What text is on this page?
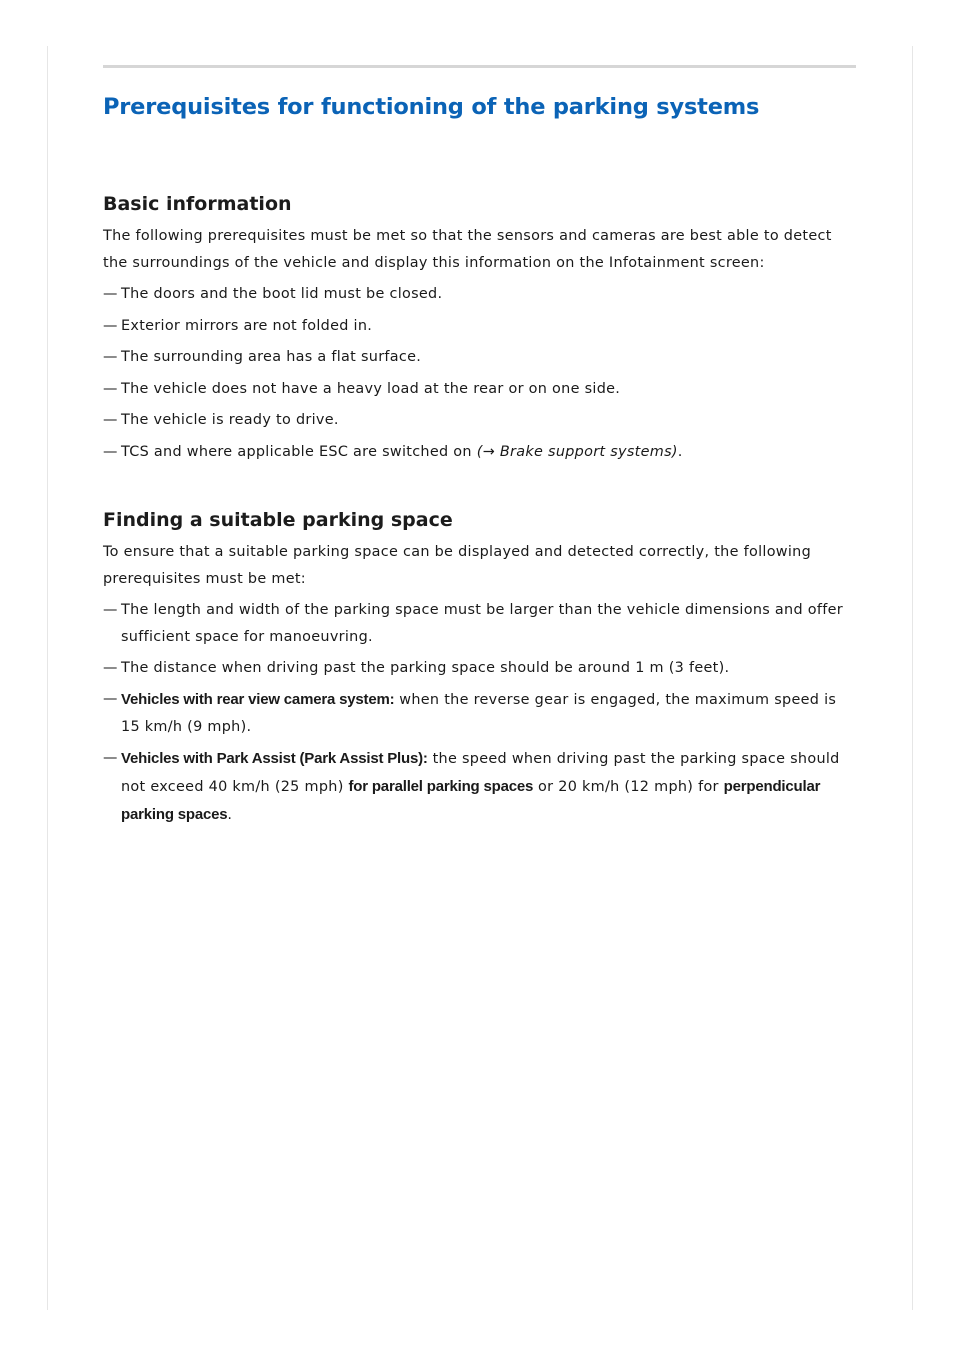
Prerequisites for functioning of the parking systems
Basic information

The following prerequisites must be met so that the sensors and cameras are best able to detect the surroundings of the vehicle and display this information on the Infotainment screen:

— The doors and the boot lid must be closed.
— Exterior mirrors are not folded in.
— The surrounding area has a flat surface.
— The vehicle does not have a heavy load at the rear or on one side.
— The vehicle is ready to drive.
— TCS and where applicable ESC are switched on (→ Brake support systems).
Finding a suitable parking space

To ensure that a suitable parking space can be displayed and detected correctly, the following prerequisites must be met:

— The length and width of the parking space must be larger than the vehicle dimensions and offer sufficient space for manoeuvring.
— The distance when driving past the parking space should be around 1 m (3 feet).
— Vehicles with rear view camera system: when the reverse gear is engaged, the maximum speed is 15 km/h (9 mph).
— Vehicles with Park Assist (Park Assist Plus): the speed when driving past the parking space should not exceed 40 km/h (25 mph) for parallel parking spaces or 20 km/h (12 mph) for perpendicular parking spaces.
